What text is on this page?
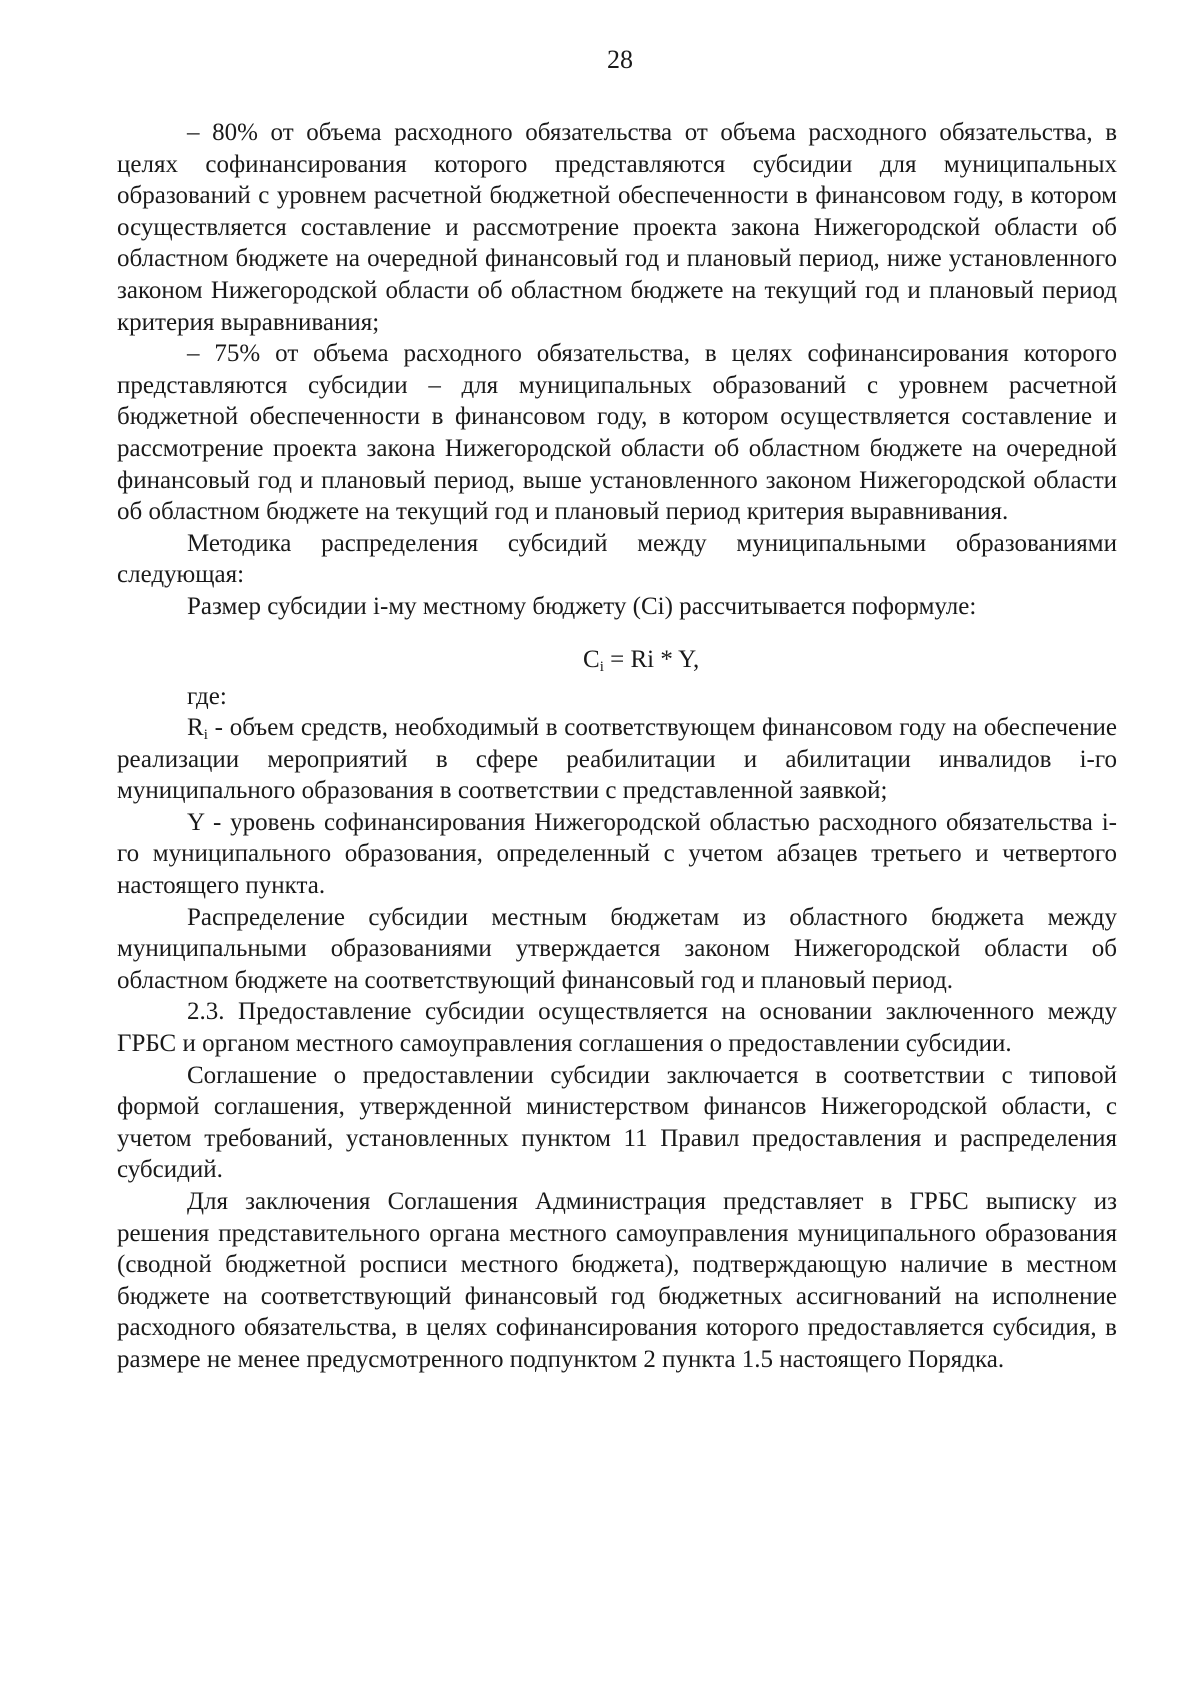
28

– 80% от объема расходного обязательства от объема расходного обязательства, в целях софинансирования которого представляются субсидии для муниципальных образований с уровнем расчетной бюджетной обеспеченности в финансовом году, в котором осуществляется составление и рассмотрение проекта закона Нижегородской области об областном бюджете на очередной финансовый год и плановый период, ниже установленного законом Нижегородской области об областном бюджете на текущий год и плановый период критерия выравнивания;

– 75% от объема расходного обязательства, в целях софинансирования которого представляются субсидии – для муниципальных образований с уровнем расчетной бюджетной обеспеченности в финансовом году, в котором осуществляется составление и рассмотрение проекта закона Нижегородской области об областном бюджете на очередной финансовый год и плановый период, выше установленного законом Нижегородской области об областном бюджете на текущий год и плановый период критерия выравнивания.

Методика распределения субсидий между муниципальными образованиями следующая:

Размер субсидии i-му местному бюджету (Ci) рассчитывается поформуле:

$C_i = Ri * Y$,

где:

$R_i$ - объем средств, необходимый в соответствующем финансовом году на обеспечение реализации мероприятий в сфере реабилитации и абилитации инвалидов i-го муниципального образования в соответствии с представленной заявкой;

Y - уровень софинансирования Нижегородской областью расходного обязательства i-го муниципального образования, определенный с учетом абзацев третьего и четвертого настоящего пункта.

Распределение субсидии местным бюджетам из областного бюджета между муниципальными образованиями утверждается законом Нижегородской области об областном бюджете на соответствующий финансовый год и плановый период.

2.3. Предоставление субсидии осуществляется на основании заключенного между ГРБС и органом местного самоуправления соглашения о предоставлении субсидии.

Соглашение о предоставлении субсидии заключается в соответствии с типовой формой соглашения, утвержденной министерством финансов Нижегородской области, с учетом требований, установленных пунктом 11 Правил предоставления и распределения субсидий.

Для заключения Соглашения Администрация представляет в ГРБС выписку из решения представительного органа местного самоуправления муниципального образования (сводной бюджетной росписи местного бюджета), подтверждающую наличие в местном бюджете на соответствующий финансовый год бюджетных ассигнований на исполнение расходного обязательства, в целях софинансирования которого предоставляется субсидия, в размере не менее предусмотренного подпунктом 2 пункта 1.5 настоящего Порядка.
